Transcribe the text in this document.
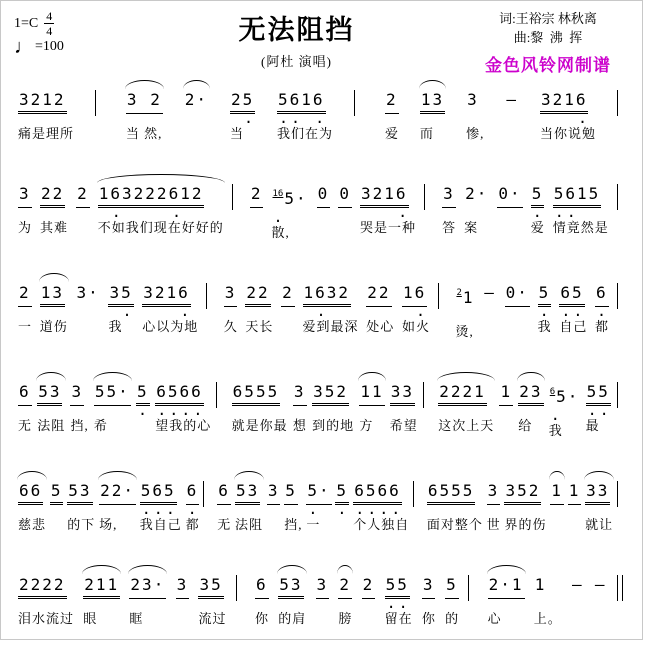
$1=C \frac{4}{4}$
♩ =100
无法阻挡
(阿杜 演唱)
词:王裕宗 林秋离
曲:黎  沸  挥
金色风铃网制谱
3212
痛是理所
3 2
当 然,
2· 25
.
当
5616
.. .
我们在为
2
爱
13
而
3
惨,
— 3216
.
当你说勉
3
为
22
其难
2 163222612
.    .
不如我们现在好好的
2 $^{16}$5·
.
散,
0 0 3216
.
哭是一种
3
答
2·
案
0· 5
.
爱
5615
..
情竟然是
2
一
13
道伤
3· 35
.
我
3216
.
心以为地
3
久
22
天长
2 1632
.
爱到最深
22
处心
16
.
如火
$^2$1
烫,
— 0· 5
.
我
65
..
自己
6
.
都
6
无
53
法阻
3
挡,
55·
希
5
.
6566
....
望我的心
6555
就是你最
3
想
352
到的地
11
方
33
希望
2221
这次上天
1 23
给
$^6$5·
.
我
55
..
最
66
慈悲
5 53
的下
22·
场,
565
...
我自己
6
.
都
6
无
53
法阻
3 5
挡,
5·
.
一
5
.
6566
....
个人独自
6555
面对整个
3
世
352
界的伤
1 1 33
就让
2222
泪水流过
211
眼
23·
眶
3 35
流过
6
你
53
的肩
3 2
膀
2 55
..
留在
3
你
5
的
2·1
心
1
上。
— —
